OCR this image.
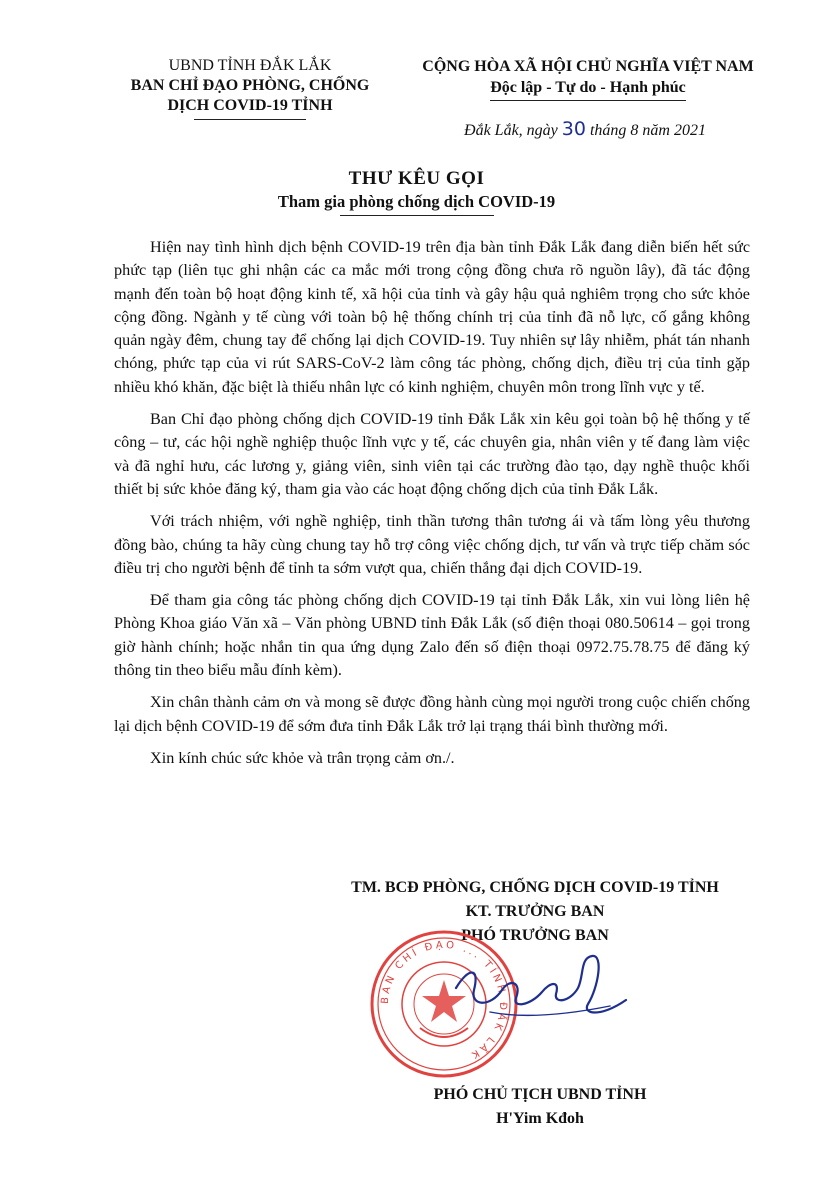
UBND TỈNH ĐẮK LẮK
BAN CHỈ ĐẠO PHÒNG, CHỐNG
DỊCH COVID-19 TỈNH
CỘNG HÒA XÃ HỘI CHỦ NGHĨA VIỆT NAM
Độc lập - Tự do - Hạnh phúc
Đắk Lắk, ngày 30 tháng 8 năm 2021
THƯ KÊU GỌI
Tham gia phòng chống dịch COVID-19

Hiện nay tình hình dịch bệnh COVID-19 trên địa bàn tỉnh Đắk Lắk đang diễn biến hết sức phức tạp (liên tục ghi nhận các ca mắc mới trong cộng đồng chưa rõ nguồn lây), đã tác động mạnh đến toàn bộ hoạt động kinh tế, xã hội của tỉnh và gây hậu quả nghiêm trọng cho sức khỏe cộng đồng. Ngành y tế cùng với toàn bộ hệ thống chính trị của tỉnh đã nỗ lực, cố gắng không quản ngày đêm, chung tay để chống lại dịch COVID-19. Tuy nhiên sự lây nhiễm, phát tán nhanh chóng, phức tạp của vi rút SARS-CoV-2 làm công tác phòng, chống dịch, điều trị của tỉnh gặp nhiều khó khăn, đặc biệt là thiếu nhân lực có kinh nghiệm, chuyên môn trong lĩnh vực y tế.

Ban Chỉ đạo phòng chống dịch COVID-19 tỉnh Đắk Lắk xin kêu gọi toàn bộ hệ thống y tế công – tư, các hội nghề nghiệp thuộc lĩnh vực y tế, các chuyên gia, nhân viên y tế đang làm việc và đã nghỉ hưu, các lương y, giảng viên, sinh viên tại các trường đào tạo, dạy nghề thuộc khối thiết bị sức khỏe đăng ký, tham gia vào các hoạt động chống dịch của tỉnh Đắk Lắk.

Với trách nhiệm, với nghề nghiệp, tinh thần tương thân tương ái và tấm lòng yêu thương đồng bào, chúng ta hãy cùng chung tay hỗ trợ công việc chống dịch, tư vấn và trực tiếp chăm sóc điều trị cho người bệnh để tỉnh ta sớm vượt qua, chiến thắng đại dịch COVID-19.

Để tham gia công tác phòng chống dịch COVID-19 tại tỉnh Đắk Lắk, xin vui lòng liên hệ Phòng Khoa giáo Văn xã – Văn phòng UBND tỉnh Đắk Lắk (số điện thoại 080.50614 – gọi trong giờ hành chính; hoặc nhắn tin qua ứng dụng Zalo đến số điện thoại 0972.75.78.75 để đăng ký thông tin theo biểu mẫu đính kèm).

Xin chân thành cảm ơn và mong sẽ được đồng hành cùng mọi người trong cuộc chiến chống lại dịch bệnh COVID-19 để sớm đưa tỉnh Đắk Lắk trở lại trạng thái bình thường mới.

Xin kính chúc sức khỏe và trân trọng cảm ơn./.

TM. BCĐ PHÒNG, CHỐNG DỊCH COVID-19 TỈNH
KT. TRƯỞNG BAN
PHÓ TRƯỞNG BAN
BAN CHỈ ĐẠO ... TỈNH ĐẮK LẮK
PHÓ CHỦ TỊCH UBND TỈNH
H'Yim Kđoh
